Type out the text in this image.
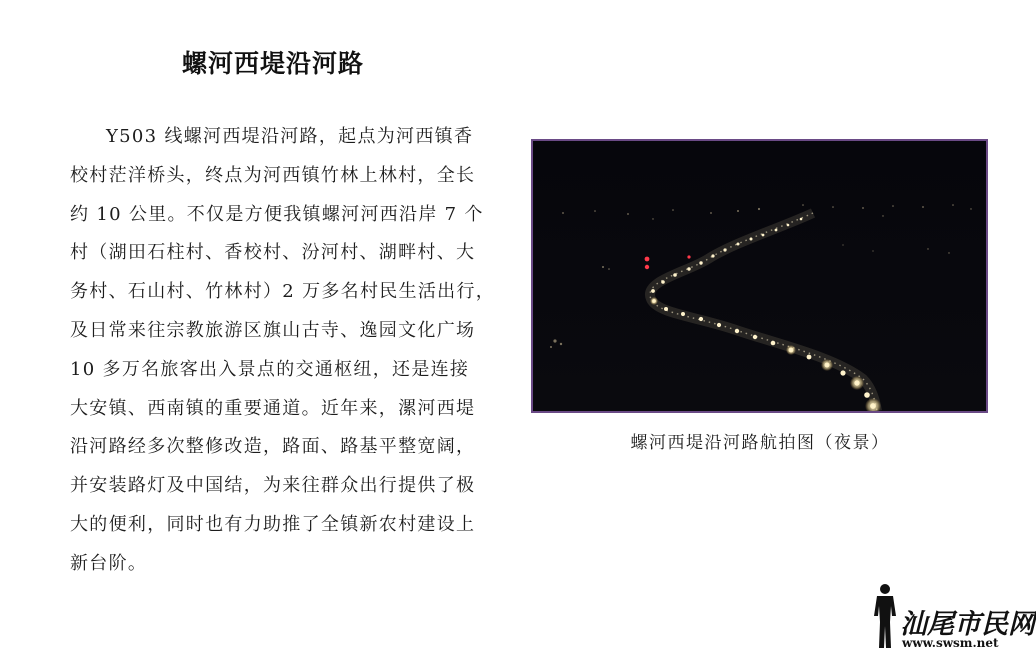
螺河西堤沿河路
Y503 线螺河西堤沿河路，起点为河西镇香
校村茫洋桥头，终点为河西镇竹林上林村，全长
约 10 公里。不仅是方便我镇螺河河西沿岸 7 个
村（湖田石柱村、香校村、汾河村、湖畔村、大
务村、石山村、竹林村）2 万多名村民生活出行，
及日常来往宗教旅游区旗山古寺、逸园文化广场
10 多万名旅客出入景点的交通枢纽，还是连接
大安镇、西南镇的重要通道。近年来，漯河西堤
沿河路经多次整修改造，路面、路基平整宽阔，
并安装路灯及中国结，为来往群众出行提供了极
大的便利，同时也有力助推了全镇新农村建设上
新台阶。
螺河西堤沿河路航拍图（夜景）
汕尾市民网
www.swsm.net
